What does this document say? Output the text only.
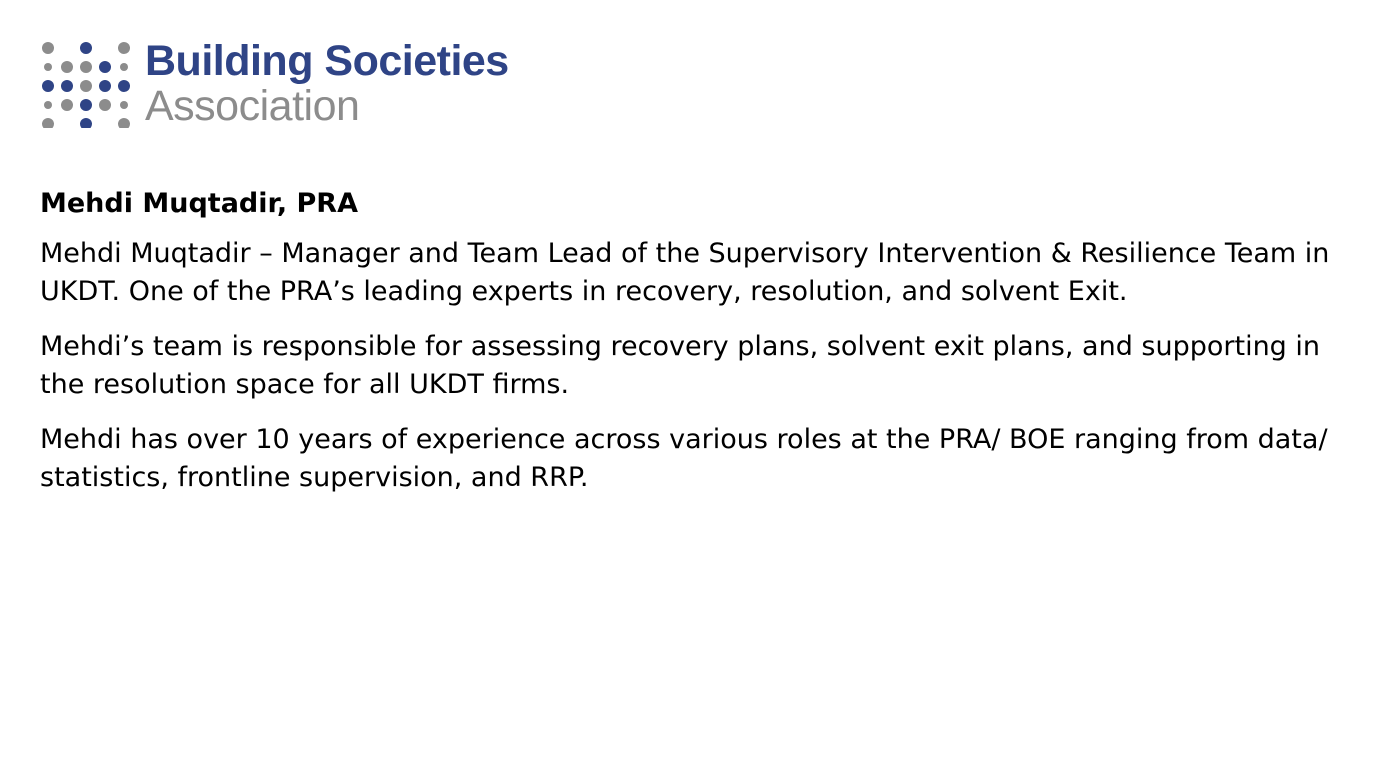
Building Societies
Association

Mehdi Muqtadir, PRA

Mehdi Muqtadir – Manager and Team Lead of the Supervisory Intervention & Resilience Team in UKDT. One of the PRA’s leading experts in recovery, resolution, and solvent Exit.

Mehdi’s team is responsible for assessing recovery plans, solvent exit plans, and supporting in the resolution space for all UKDT firms.

Mehdi has over 10 years of experience across various roles at the PRA/ BOE ranging from data/ statistics, frontline supervision, and RRP.
